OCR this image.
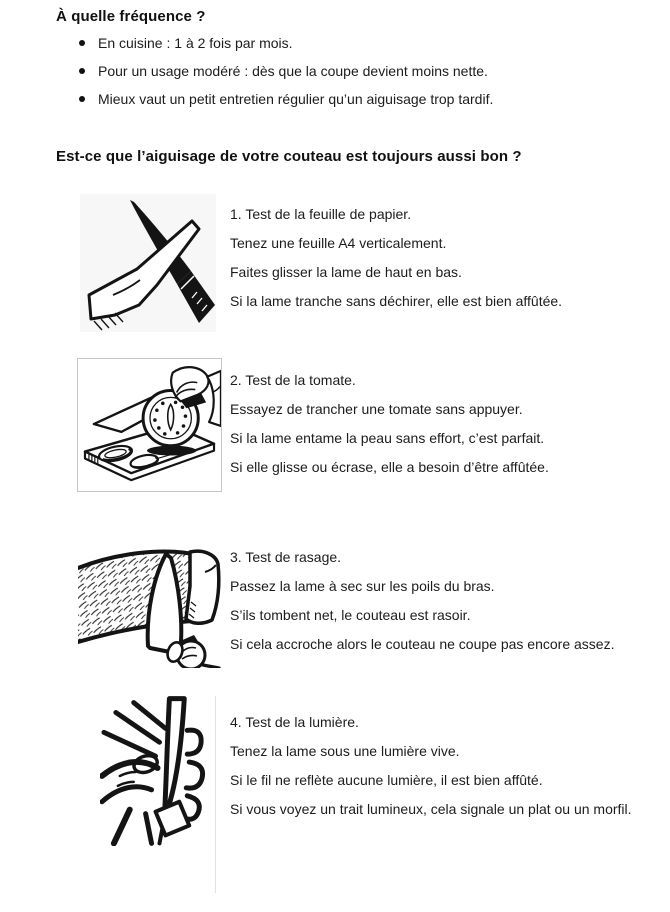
À quelle fréquence ?
En cuisine : 1 à 2 fois par mois.
Pour un usage modéré : dès que la coupe devient moins nette.
Mieux vaut un petit entretien régulier qu’un aiguisage trop tardif.
Est-ce que l’aiguisage de votre couteau est toujours aussi bon ?

1. Test de la feuille de papier.

Tenez une feuille A4 verticalement.

Faites glisser la lame de haut en bas.

Si la lame tranche sans déchirer, elle est bien affûtée.

2. Test de la tomate.

Essayez de trancher une tomate sans appuyer.

Si la lame entame la peau sans effort, c’est parfait.

Si elle glisse ou écrase, elle a besoin d’être affûtée.

3. Test de rasage.

Passez la lame à sec sur les poils du bras.

S’ils tombent net, le couteau est rasoir.

Si cela accroche alors le couteau ne coupe pas encore assez.

4. Test de la lumière.

Tenez la lame sous une lumière vive.

Si le fil ne reflète aucune lumière, il est bien affûté.

Si vous voyez un trait lumineux, cela signale un plat ou un morfil.
